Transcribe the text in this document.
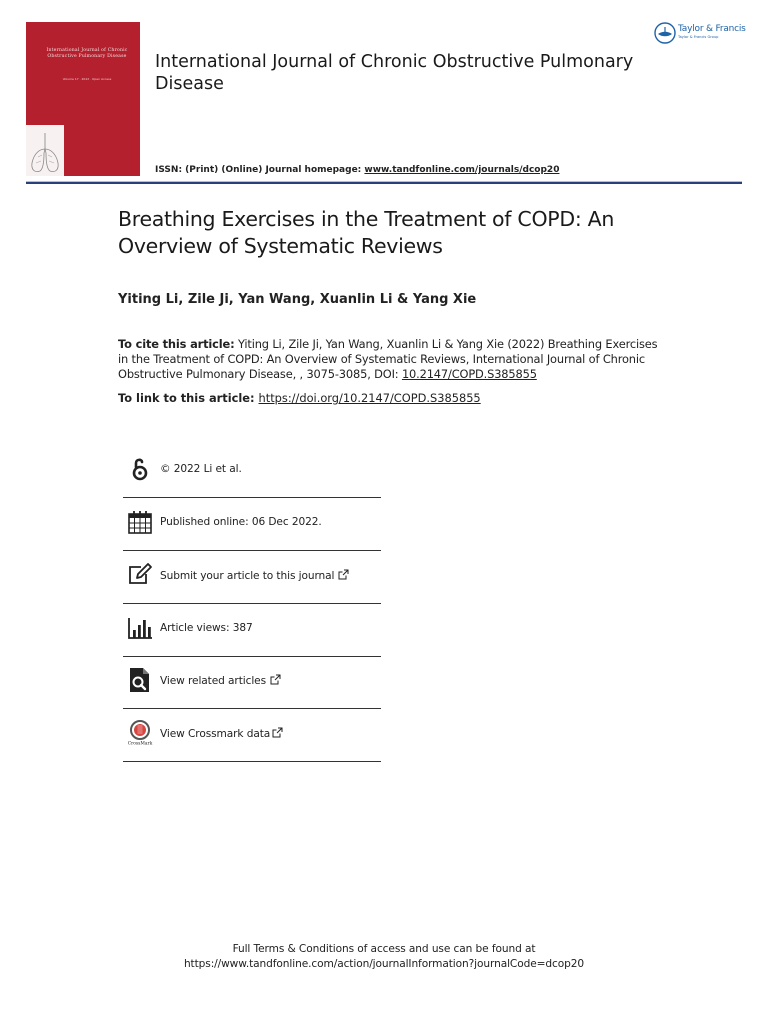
International Journal of Chronic Obstructive Pulmonary Disease
Volume 17 · 2022 · Open Access
International Journal of Chronic Obstructive Pulmonary Disease
Taylor & Francis
Taylor & Francis Group
ISSN: (Print) (Online) Journal homepage: www.tandfonline.com/journals/dcop20
Breathing Exercises in the Treatment of COPD: An Overview of Systematic Reviews
Yiting Li, Zile Ji, Yan Wang, Xuanlin Li & Yang Xie
To cite this article: Yiting Li, Zile Ji, Yan Wang, Xuanlin Li & Yang Xie (2022) Breathing Exercises in the Treatment of COPD: An Overview of Systematic Reviews, International Journal of Chronic Obstructive Pulmonary Disease, , 3075-3085, DOI: 10.2147/COPD.S385855
To link to this article: https://doi.org/10.2147/COPD.S385855
© 2022 Li et al.
Published online: 06 Dec 2022.
Submit your article to this journal
Article views: 387
View related articles
CrossMark
View Crossmark data
Full Terms & Conditions of access and use can be found at
https://www.tandfonline.com/action/journalInformation?journalCode=dcop20
